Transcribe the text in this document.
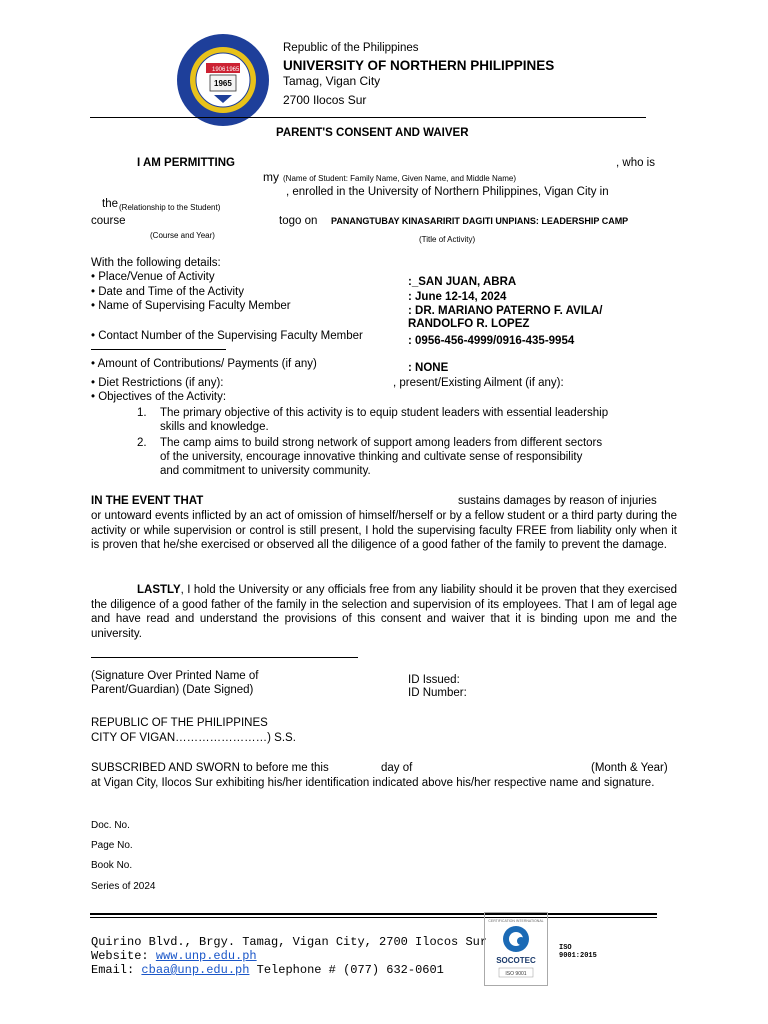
1906 1965
1965
Republic of the Philippines
UNIVERSITY OF NORTHERN PHILIPPINES
Tamag, Vigan City
2700 Ilocos Sur
PARENT'S CONSENT AND WAIVER
I AM PERMITTING	, who is
my (Name of Student: Family Name, Given Name, and Middle Name)
the
, enrolled in the University of Northern Philippines, Vigan City in
(Relationship to the Student)
course	togo on PANANGTUBAY KINASARIRIT DAGITI UNPIANS: LEADERSHIP CAMP
(Course and Year)	(Title of Activity)
With the following details:
• Place/Venue of Activity	:_SAN JUAN, ABRA
• Date and Time of the Activity	: June 12-14, 2024
• Name of Supervising Faculty Member	: DR. MARIANO PATERNO F. AVILA/
RANDOLFO R. LOPEZ
• Contact Number of the Supervising Faculty Member	: 0956-456-4999/0916-435-9954
• Amount of Contributions/ Payments (if any)	: NONE
• Diet Restrictions (if any):	, present/Existing Ailment (if any):
• Objectives of the Activity:
1. The primary objective of this activity is to equip student leaders with essential leadership
skills and knowledge.
2. The camp aims to build strong network of support among leaders from different sectors
of the university, encourage innovative thinking and cultivate sense of responsibility
and commitment to university community.
IN THE EVENT THAT	sustains damages by reason of injuries
or untoward events inflicted by an act of omission of himself/herself or by a fellow student or a third party during the activity or while supervision or control is still present, I hold the supervising faculty FREE from liability only when it is proven that he/she exercised or observed all the diligence of a good father of the family to prevent the damage.
LASTLY, I hold the University or any officials free from any liability should it be proven that they exercised the diligence of a good father of the family in the selection and supervision of its employees. That I am of legal age and have read and understand the provisions of this consent and waiver that it is binding upon me and the university.
(Signature Over Printed Name of
Parent/Guardian) (Date Signed)
ID Issued:
ID Number:
REPUBLIC OF THE PHILIPPINES
CITY OF VIGAN……………………) S.S.
SUBSCRIBED AND SWORN to before me this	day of	(Month & Year)
at Vigan City, Ilocos Sur exhibiting his/her identification indicated above his/her respective name and signature.
Doc. No.
Page No.
Book No.
Series of 2024
Quirino Blvd., Brgy. Tamag, Vigan City, 2700 Ilocos Sur
Website: www.unp.edu.ph
Email: cbaa@unp.edu.ph Telephone # (077) 632-0601
SOCOTEC
ISO 9001
CERTIFICATION INTERNATIONAL
ISO
9001:2015
